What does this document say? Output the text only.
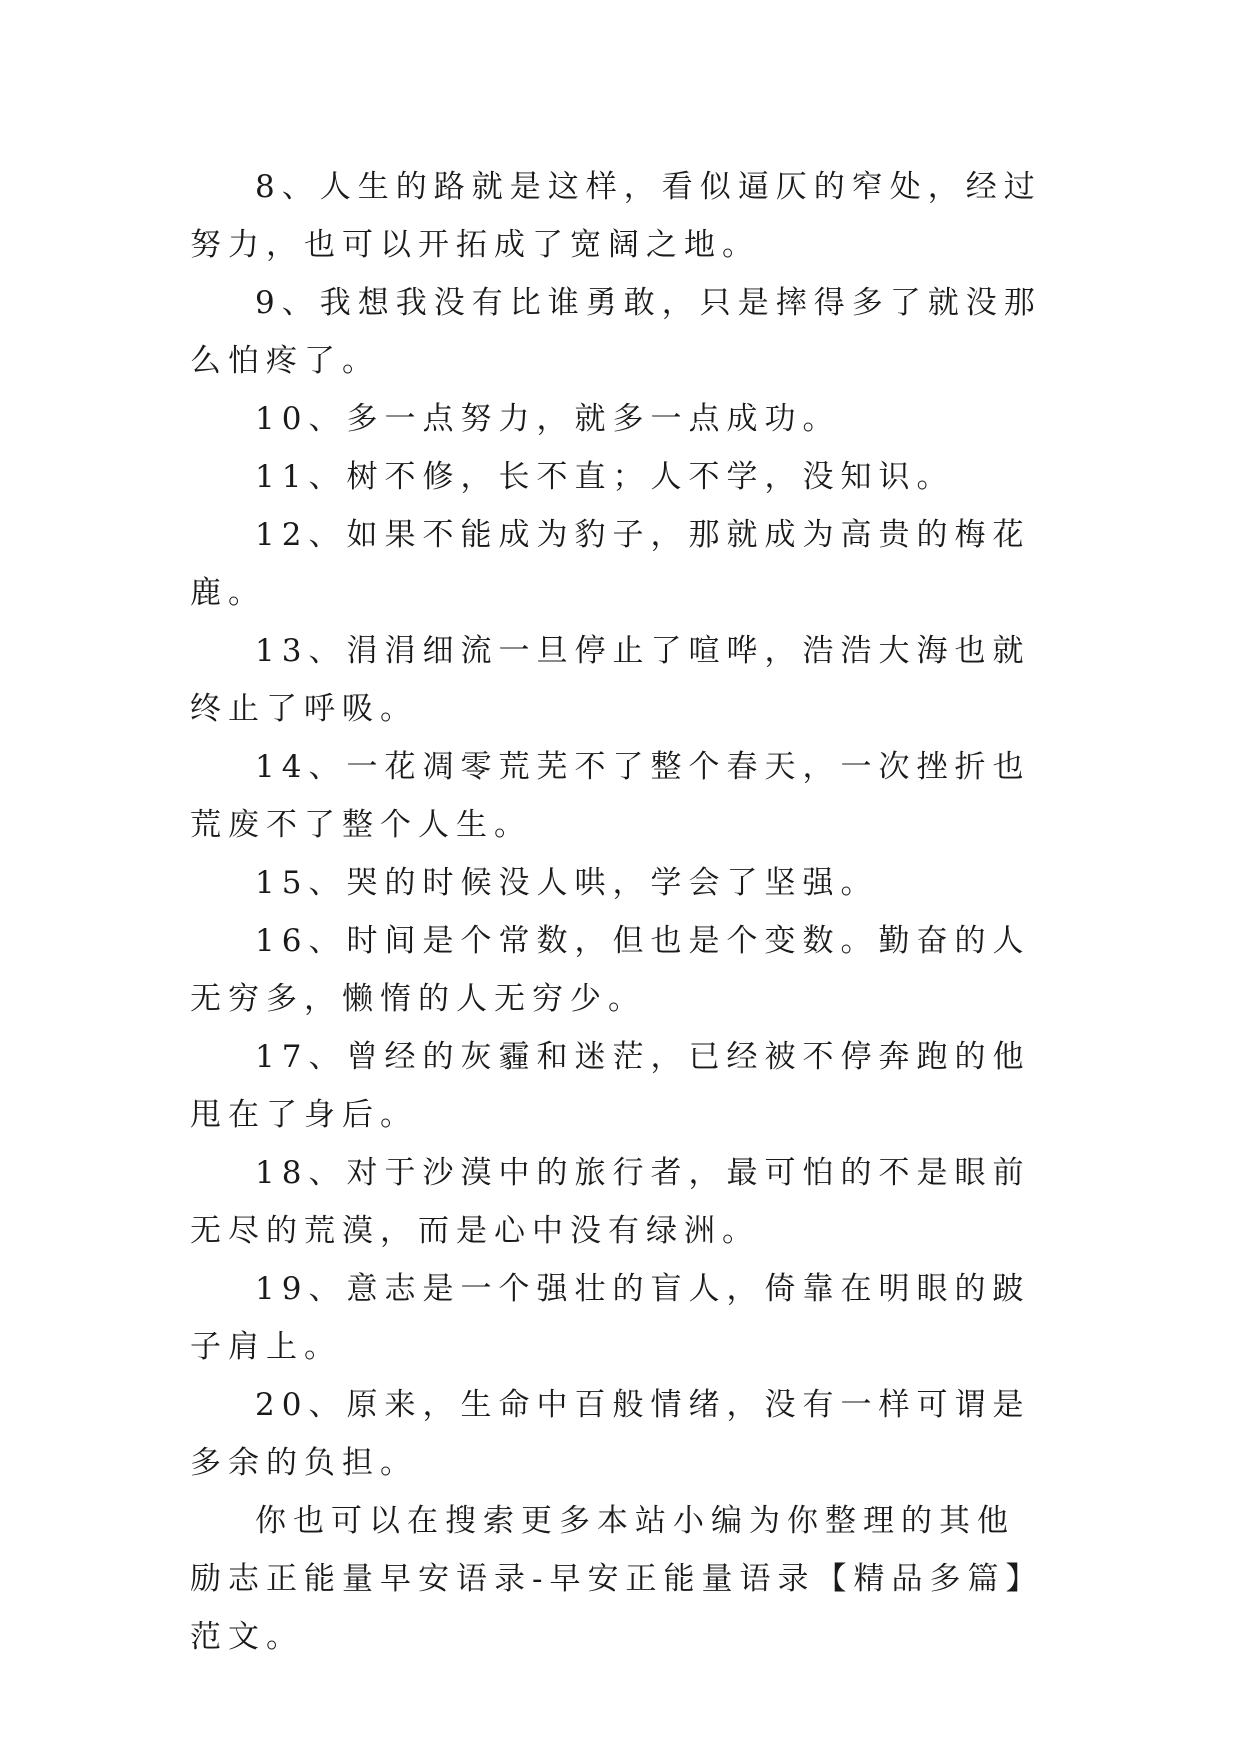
8、人生的路就是这样，看似逼仄的窄处，经过努力，也可以开拓成了宽阔之地。

9、我想我没有比谁勇敢，只是摔得多了就没那么怕疼了。

10、多一点努力，就多一点成功。

11、树不修，长不直；人不学，没知识。

12、如果不能成为豹子，那就成为高贵的梅花鹿。

13、涓涓细流一旦停止了喧哗，浩浩大海也就终止了呼吸。

14、一花凋零荒芜不了整个春天，一次挫折也荒废不了整个人生。

15、哭的时候没人哄，学会了坚强。

16、时间是个常数，但也是个变数。勤奋的人无穷多，懒惰的人无穷少。

17、曾经的灰霾和迷茫，已经被不停奔跑的他甩在了身后。

18、对于沙漠中的旅行者，最可怕的不是眼前无尽的荒漠，而是心中没有绿洲。

19、意志是一个强壮的盲人，倚靠在明眼的跛子肩上。

20、原来，生命中百般情绪，没有一样可谓是多余的负担。

你也可以在搜索更多本站小编为你整理的其他励志正能量早安语录-早安正能量语录【精品多篇】范文。
